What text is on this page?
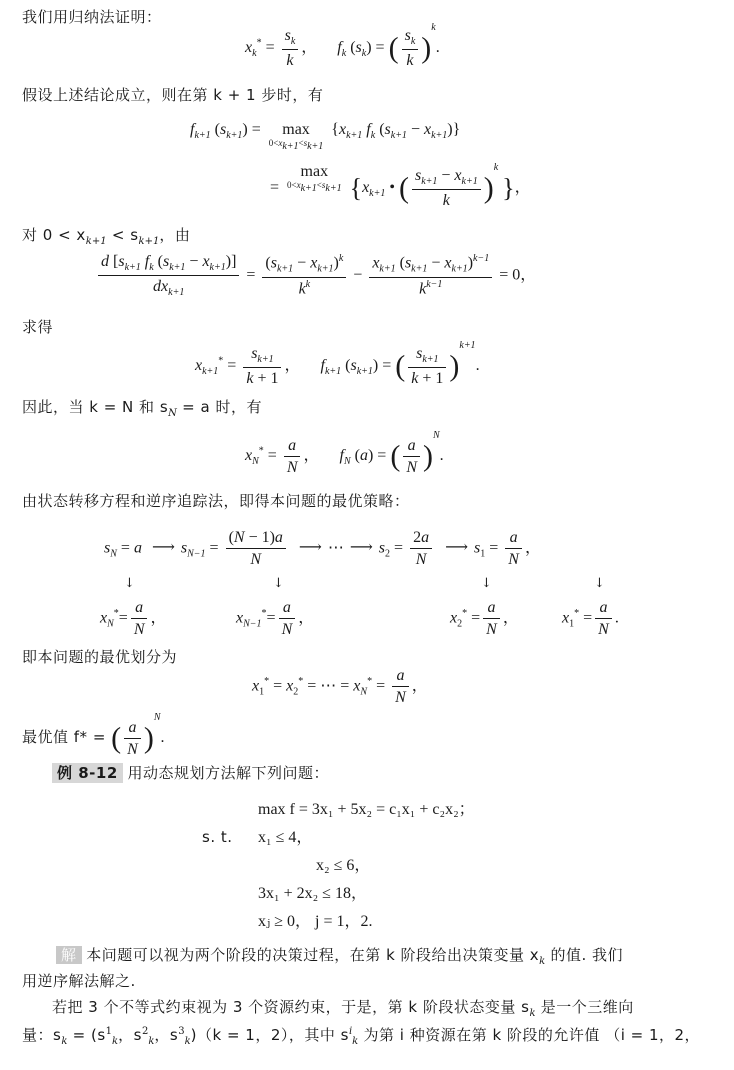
我们用归纳法证明：
$x_k^* = \frac{s_k}{k}$ ，     $f_k$ $(s_k)$ = ( $\frac{s_k}{k} )^k$.
假设上述结论成立，则在第 k + 1 步时，有
$f_{k+1}$ $(s_{k+1})$ =	max
$0<x_{k+1}<s_{k+1}$
{$x_{k+1}$ $f_k$ $(s_{k+1} - x_{k+1})$}
=
max
$0<x_{k+1}<s_{k+1}$ {$x_{k+1}$ • ( $\frac{s_{k+1} - x_{k+1}}{k} )^k$ }，
对 $0 < x_{k+1} < s_{k+1}$，由
$\frac{d [s_{k+1} f_k (s_{k+1} - x_{k+1})]}{dx_{k+1}} = \frac{(s_{k+1} - x_{k+1})^k}{k^k} - \frac{x_{k+1} (s_{k+1} - x_{k+1})^{k-1}}{k^{k-1}} = 0$，
求得
$x_{k+1}^* = \frac{s_{k+1}}{k + 1}$ ，     $f_{k+1}$ $(s_{k+1})$ = ( $\frac{s_{k+1}}{k + 1} )^{k+1}$.
因此，当 k = N 和 $s_N = a$ 时，有
$x_N^* = \frac{a}{N}$ ，     $f_N$ (a) = ( $\frac{a}{N} )^N$.
由状态转移方程和逆序追踪法，即得本问题的最优策略：
$s_N = a$ ⟶ $s_{N-1} = \frac{(N - 1)a}{N}$ ⟶ ⋯ ⟶ $s_2 = \frac{2a}{N}$ ⟶ $s_1 = \frac{a}{N}$ ，
↓	↓	↓	↓
$x_N^*= \frac{a}{N}$ ，	$x_{N-1}^*= \frac{a}{N}$ ，	$x_2^* = \frac{a}{N}$ ，	$x_1^* = \frac{a}{N}$ .
即本问题的最优划分为
$x_1^* = x_2^*$ = ⋯ = $x_N^* = \frac{a}{N}$ ，
最优值 f* = ( $\frac{a}{N} )^N$.
例 8-12 用动态规划方法解下列问题：
max f = 3x₁ + 5x₂ = c₁x₁ + c₂x₂；
s. t. x₁ ≤ 4，
x₂ ≤ 6，
3x₁ + 2x₂ ≤ 18，
xⱼ ≥ 0， j = 1，2.
解 本问题可以视为两个阶段的决策过程，在第 k 阶段给出决策变量 $x_k$ 的值. 我们
用逆序解法解之.
若把 3 个不等式约束视为 3 个资源约束，于是，第 k 阶段状态变量 $s_k$ 是一个三维向
量：$s_k = (s^1_k$，$s^2_k$，$s^3_k)(k = 1$，2），其中 $s^i_k$ 为第 i 种资源在第 k 阶段的允许值 （i = 1，2，
